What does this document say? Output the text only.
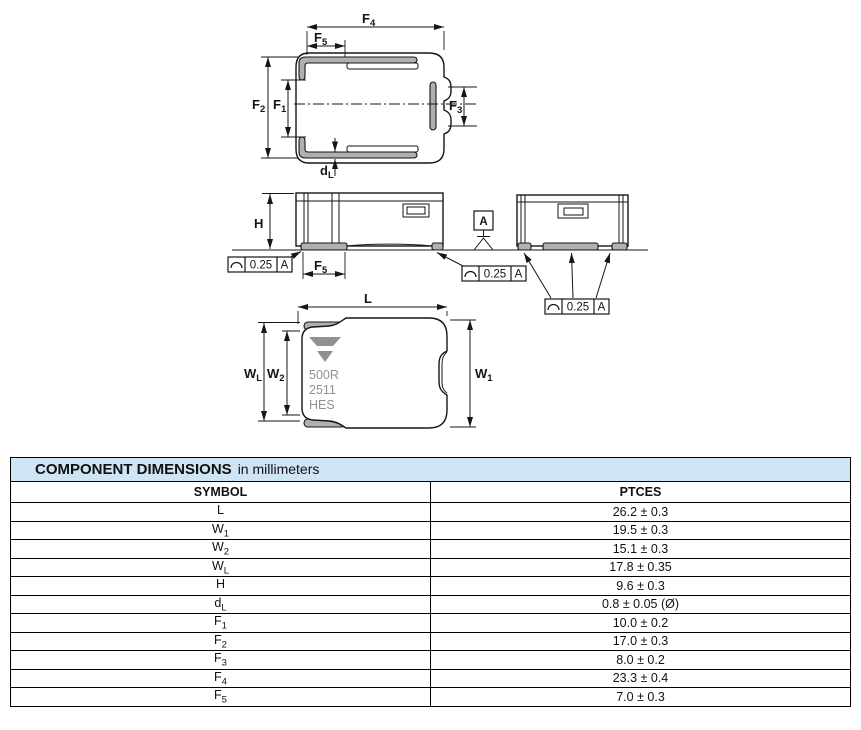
$F_4$
$F_5$
$F_2$ $F_1$	$F_3$
$d_L$
H
$F_5$
A
0.25 A
0.25 A
0.25 A
500R
2511
HES
L
$W_L$ $W_2$	$W_1$
COMPONENT DIMENSIONS in millimeters	
SYMBOL	PTCES
L	26.2 ± 0.3
$W_1$	19.5 ± 0.3
$W_2$	15.1 ± 0.3
$W_L$	17.8 ± 0.35
H	9.6 ± 0.3
$d_L$	0.8 ± 0.05 (Ø)
$F_1$	10.0 ± 0.2
$F_2$	17.0 ± 0.3
$F_3$	8.0 ± 0.2
$F_4$	23.3 ± 0.4
$F_5$	7.0 ± 0.3
